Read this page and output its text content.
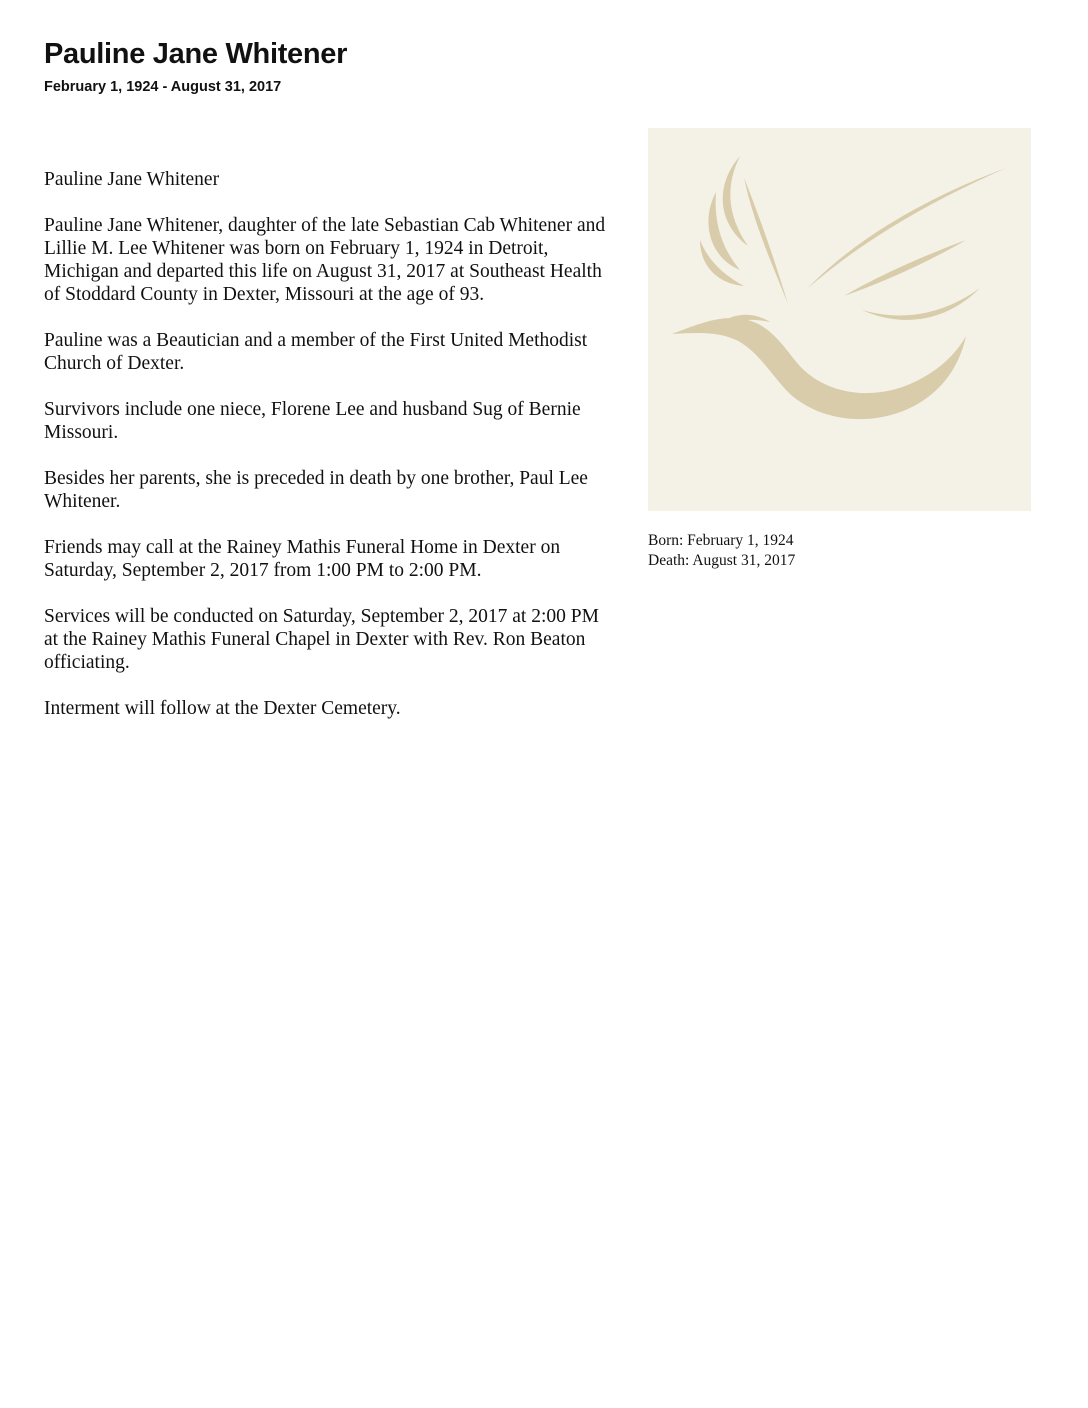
Pauline Jane Whitener
February 1, 1924 - August 31, 2017

Pauline Jane Whitener

Pauline Jane Whitener, daughter of the late Sebastian Cab Whitener and Lillie M. Lee Whitener was born on February 1, 1924 in Detroit, Michigan and departed this life on August 31, 2017 at Southeast Health of Stoddard County in Dexter, Missouri at the age of 93.

Pauline was a Beautician and a member of the First United Methodist Church of Dexter.

Survivors include one niece, Florene Lee and husband Sug of Bernie Missouri.

Besides her parents, she is preceded in death by one brother, Paul Lee Whitener.

Friends may call at the Rainey Mathis Funeral Home in Dexter on Saturday, September 2, 2017 from 1:00 PM to 2:00 PM.

Services will be conducted on Saturday, September 2, 2017 at 2:00 PM at the Rainey Mathis Funeral Chapel in Dexter with Rev. Ron Beaton officiating.

Interment will follow at the Dexter Cemetery.

Born: February 1, 1924
Death: August 31, 2017
